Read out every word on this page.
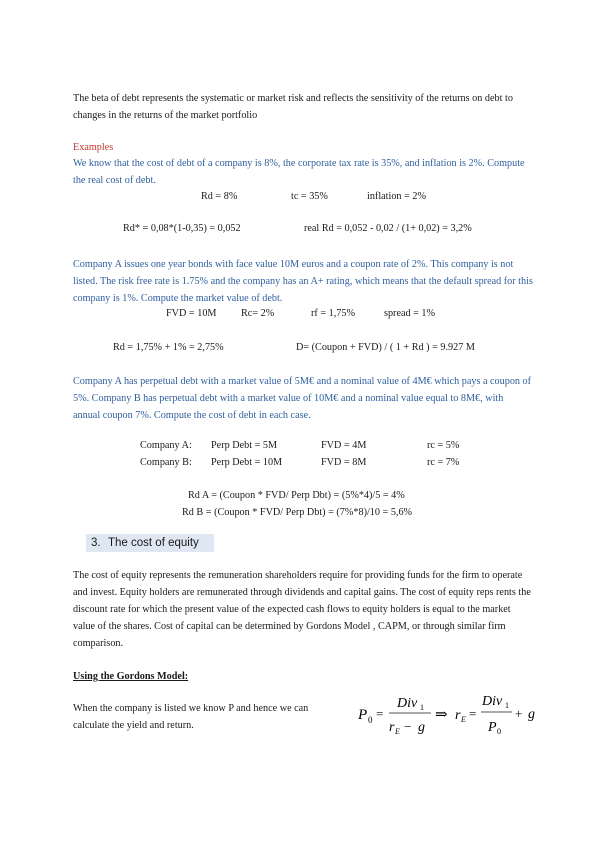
The beta of debt represents the systematic or market risk and reflects the sensitivity of the returns on debt to changes in the returns of the market portfolio
Examples
We know that the cost of debt of a company is 8%, the corporate tax rate is 35%, and inflation is 2%. Compute the real cost of debt.
Rd = 8%	tc = 35%	inflation = 2%
Rd* = 0,08*(1-0,35) = 0,052	real Rd = 0,052 - 0,02 / (1+ 0,02) = 3,2%
Company A issues one year bonds with face value 10M euros and a coupon rate of 2%. This company is not listed. The risk free rate is 1.75% and the company has an A+ rating, which means that the default spread for this company is 1%. Compute the market value of debt.
FVD = 10M Rc= 2%	rf = 1,75%	spread = 1%
Rd = 1,75% + 1% = 2,75%	D= (Coupon + FVD) / ( 1 + Rd ) = 9.927 M
Company A has perpetual debt with a market value of 5M€ and a nominal value of 4M€ which pays a coupon of 5%. Company B has perpetual debt with a market value of 10M€ and a nominal value equal to 8M€, with annual coupon 7%. Compute the cost of debt in each case.
Company A: Perp Debt = 5M	FVD = 4M	rc = 5%
Company B: Perp Debt = 10M	FVD = 8M	rc = 7%
Rd A = (Coupon * FVD/ Perp Dbt) = (5%*4)/5 = 4%
Rd B = (Coupon * FVD/ Perp Dbt) = (7%*8)/10 = 5,6%
3. The cost of equity
The cost of equity represents the remuneration shareholders require for providing funds for the firm to operate and invest. Equity holders are remunerated through dividends and capital gains. The cost of equity reps rents the discount rate for which the present value of the expected cash flows to equity holders is equal to the market value of the shares. Cost of capital can be determined by Gordons Model , CAPM, or through similar firm comparison.
Using the Gordons Model:
When the company is listed we know P and hence we can calculate the yield and return.
P 0 =
Div 1
r E − g
⇒ r E =
Div 1
P 0
+ g
